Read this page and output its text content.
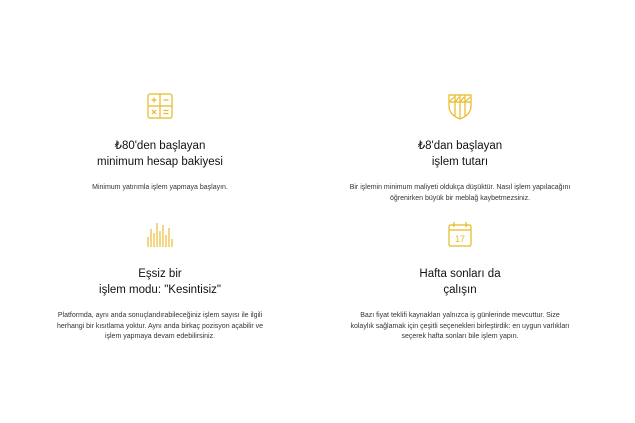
₺80'den başlayan
minimum hesap bakiyesi

Minimum yatırımla işlem yapmaya başlayın.

₺8'dan başlayan
işlem tutarı

Bir işlemin minimum maliyeti oldukça düşüktür. Nasıl işlem yapılacağını
öğrenirken büyük bir meblağ kaybetmezsiniz.

Eşsiz bir
işlem modu: "Kesintisiz"

Platformda, aynı anda sonuçlandırabileceğiniz işlem sayısı ile ilgili
herhangi bir kısıtlama yoktur. Aynı anda birkaç pozisyon açabilir ve
işlem yapmaya devam edebilirsiniz.

17
Hafta sonları da
çalışın

Bazı fiyat teklifi kaynakları yalnızca iş günlerinde mevcuttur. Size
kolaylık sağlamak için çeşitli seçenekleri birleştirdik: en uygun varlıkları
seçerek hafta sonları bile işlem yapın.
